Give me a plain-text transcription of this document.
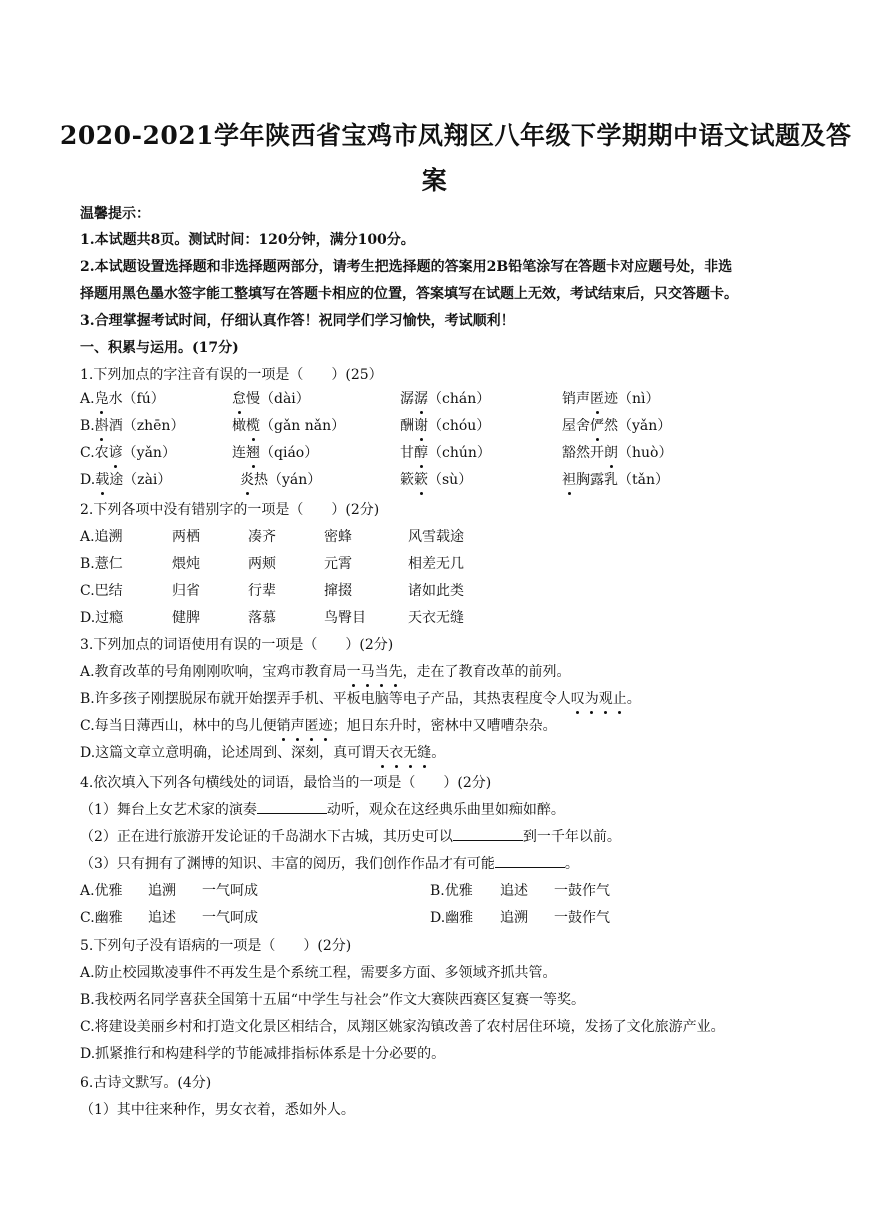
2020-2021学年陕西省宝鸡市凤翔区八年级下学期期中语文试题及答
案
温馨提示：
1.本试题共8页。测试时间：120分钟，满分100分。
2.本试题设置选择题和非选择题两部分，请考生把选择题的答案用2B铅笔涂写在答题卡对应题号处，非选
择题用黑色墨水签字能工整填写在答题卡相应的位置，答案填写在试题上无效，考试结束后，只交答题卡。
3.合理掌握考试时间，仔细认真作答！祝同学们学习愉快，考试顺利！
一、积累与运用。(17分)
1.下列加点的字注音有误的一项是（　　）(25）
A.凫水（fú）	怠慢（dài）	潺潺（chán）	销声匿迹（nì）
B.斟酒（zhēn）	橄榄（gǎn nǎn）	酬谢（chóu）	屋舍俨然（yǎn）
C.农谚（yǎn）	连翘（qiáo）	甘醇（chún）	豁然开朗（huò）
D.载途（zài）	炎热（yán）	簌簌（sù）	袒胸露乳（tǎn）
2.下列各项中没有错别字的一项是（　　）(2分)
A.追溯	两栖	凑齐	密蜂	风雪载途
B.薏仁	煨炖	两颊	元霄	相差无几
C.巴结	归省	行辈	撺掇	诸如此类
D.过瘾	健脾	落慕	鸟臀目	天衣无缝
3.下列加点的词语使用有误的一项是（　　）(2分)
A.教育改革的号角刚刚吹响，宝鸡市教育局一马当先，走在了教育改革的前列。
B.许多孩子刚摆脱尿布就开始摆弄手机、平板电脑等电子产品，其热衷程度令人叹为观止。
C.每当日薄西山，林中的鸟儿便销声匿迹；旭日东升时，密林中又嘈嘈杂杂。
D.这篇文章立意明确，论述周到、深刻，真可谓天衣无缝。
4.依次填入下列各句横线处的词语，最恰当的一项是（　　）(2分)
（1）舞台上女艺术家的演奏	动听，观众在这经典乐曲里如痴如醉。
（2）正在进行旅游开发论证的千岛湖水下古城，其历史可以	到一千年以前。
（3）只有拥有了渊博的知识、丰富的阅历，我们创作作品才有可能	。
A.优雅 追溯 一气呵成	B.优雅 追述 一鼓作气
C.幽雅 追述 一气呵成	D.幽雅 追溯 一鼓作气
5.下列句子没有语病的一项是（　　）(2分)
A.防止校园欺凌事件不再发生是个系统工程，需要多方面、多领域齐抓共管。
B.我校两名同学喜获全国第十五届“中学生与社会”作文大赛陕西赛区复赛一等奖。
C.将建设美丽乡村和打造文化景区相结合，凤翔区姚家沟镇改善了农村居住环境，发扬了文化旅游产业。
D.抓紧推行和构建科学的节能减排指标体系是十分必要的。
6.古诗文默写。(4分)
（1）其中往来种作，男女衣着，悉如外人。
